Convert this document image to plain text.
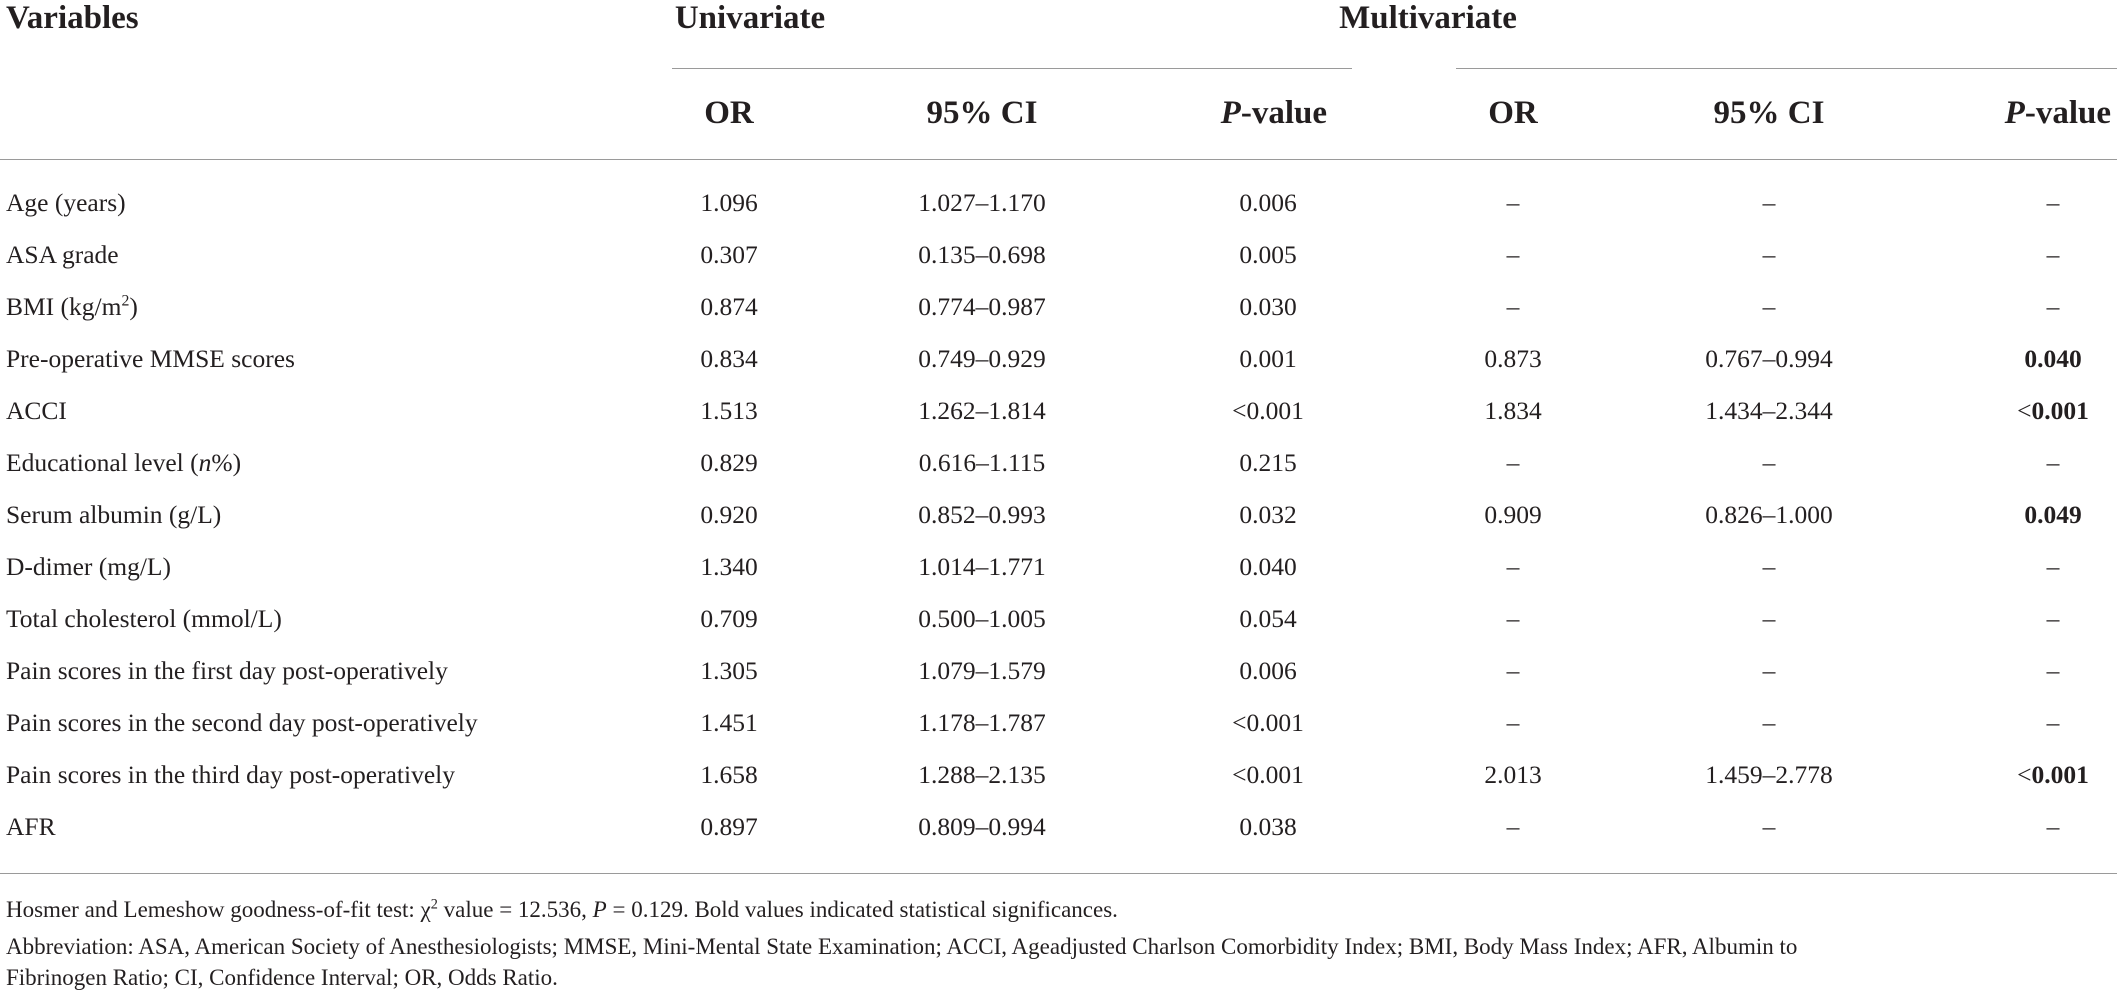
Variables	Univariate	Multivariate
OR	95% CI	P-value	OR	95% CI	P-value
Age (years)	1.096	1.027–1.170	0.006	–	–	–
ASA grade	0.307	0.135–0.698	0.005	–	–	–
BMI $(kg/m^2)$	0.874	0.774–0.987	0.030	–	–	–
Pre-operative MMSE scores	0.834	0.749–0.929	0.001	0.873	0.767–0.994	0.040
ACCI	1.513	1.262–1.814	<0.001	1.834	1.434–2.344	<0.001
Educational level (n%)	0.829	0.616–1.115	0.215	–	–	–
Serum albumin (g/L)	0.920	0.852–0.993	0.032	0.909	0.826–1.000	0.049
D-dimer (mg/L)	1.340	1.014–1.771	0.040	–	–	–
Total cholesterol (mmol/L)	0.709	0.500–1.005	0.054	–	–	–
Pain scores in the first day post-operatively	1.305	1.079–1.579	0.006	–	–	–
Pain scores in the second day post-operatively	1.451	1.178–1.787	<0.001	–	–	–
Pain scores in the third day post-operatively	1.658	1.288–2.135	<0.001	2.013	1.459–2.778	<0.001
AFR	0.897	0.809–0.994	0.038	–	–	–
Hosmer and Lemeshow goodness-of-fit test: $\chi^2$ value = 12.536, P = 0.129. Bold values indicated statistical significances.
Abbreviation: ASA, American Society of Anesthesiologists; MMSE, Mini-Mental State Examination; ACCI, Ageadjusted Charlson Comorbidity Index; BMI, Body Mass Index; AFR, Albumin to
Fibrinogen Ratio; CI, Confidence Interval; OR, Odds Ratio.
